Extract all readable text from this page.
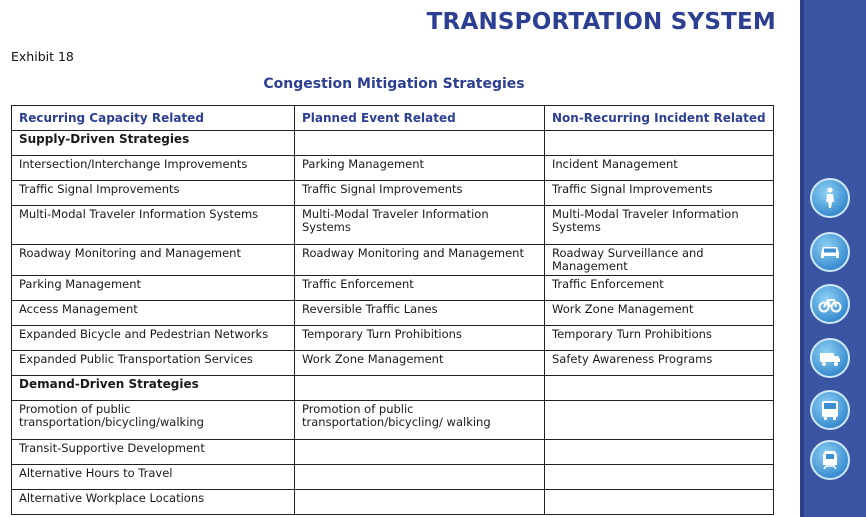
TRANSPORTATION SYSTEM
Exhibit 18
Congestion Mitigation Strategies
Recurring Capacity Related	Planned Event Related	Non-Recurring Incident Related
Supply-Driven Strategies		
Intersection/Interchange Improvements	Parking Management	Incident Management
Traffic Signal Improvements	Traffic Signal Improvements	Traffic Signal Improvements
Multi-Modal Traveler Information Systems	Multi-Modal Traveler Information Systems	Multi-Modal Traveler Information Systems
Roadway Monitoring and Management	Roadway Monitoring and Management	Roadway Surveillance and Management
Parking Management	Traffic Enforcement	Traffic Enforcement
Access Management	Reversible Traffic Lanes	Work Zone Management
Expanded Bicycle and Pedestrian Networks	Temporary Turn Prohibitions	Temporary Turn Prohibitions
Expanded Public Transportation Services	Work Zone Management	Safety Awareness Programs
Demand-Driven Strategies		
Promotion of public transportation/bicycling/walking	Promotion of public transportation/bicycling/ walking	
Transit-Supportive Development		
Alternative Hours to Travel		
Alternative Workplace Locations		
